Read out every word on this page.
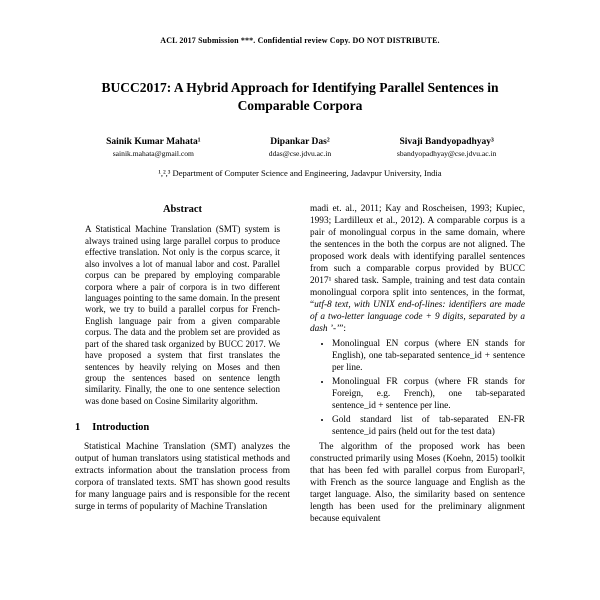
ACL 2017 Submission ***. Confidential review Copy. DO NOT DISTRIBUTE.
BUCC2017: A Hybrid Approach for Identifying Parallel Sentences in Comparable Corpora
Sainik Kumar Mahata¹
sainik.mahata@gmail.com
Dipankar Das²
ddas@cse.jdvu.ac.in
Sivaji Bandyopadhyay³
sbandyopadhyay@cse.jdvu.ac.in
¹,²,³ Department of Computer Science and Engineering, Jadavpur University, India
Abstract

A Statistical Machine Translation (SMT) system is always trained using large parallel corpus to produce effective translation. Not only is the corpus scarce, it also involves a lot of manual labor and cost. Parallel corpus can be prepared by employing comparable corpora where a pair of corpora is in two different languages pointing to the same domain. In the present work, we try to build a parallel corpus for French-English language pair from a given comparable corpus. The data and the problem set are provided as part of the shared task organized by BUCC 2017. We have proposed a system that first translates the sentences by heavily relying on Moses and then group the sentences based on sentence length similarity. Finally, the one to one sentence selection was done based on Cosine Similarity algorithm.

1 Introduction

Statistical Machine Translation (SMT) analyzes the output of human translators using statistical methods and extracts information about the translation process from corpora of translated texts. SMT has shown good results for many language pairs and is responsible for the recent surge in terms of popularity of Machine Translation

madi et. al., 2011; Kay and Roscheisen, 1993; Kupiec, 1993; Lardilleux et al., 2012). A comparable corpus is a pair of monolingual corpus in the same domain, where the sentences in the both the corpus are not aligned. The proposed work deals with identifying parallel sentences from such a comparable corpus provided by BUCC 2017¹ shared task. Sample, training and test data contain monolingual corpora split into sentences, in the format, “utf-8 text, with UNIX end-of-lines: identifiers are made of a two-letter language code + 9 digits, separated by a dash ’-’”:

• Monolingual EN corpus (where EN stands for English), one tab-separated sentence_id + sentence per line.
• Monolingual FR corpus (where FR stands for Foreign, e.g. French), one tab-separated sentence_id + sentence per line.
• Gold standard list of tab-separated EN-FR sentence_id pairs (held out for the test data)

The algorithm of the proposed work has been constructed primarily using Moses (Koehn, 2015) toolkit that has been fed with parallel corpus from Europarl², with French as the source language and English as the target language. Also, the similarity based on sentence length has been used for the preliminary alignment because equivalent
